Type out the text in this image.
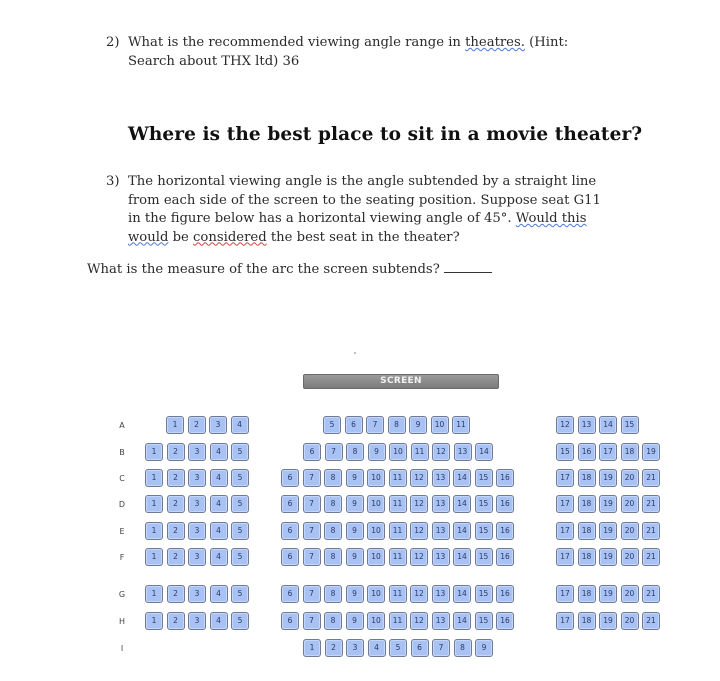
2) What is the recommended viewing angle range in theatres. (Hint:
Search about THX ltd) 36
Where is the best place to sit in a movie theater?
3) The horizontal viewing angle is the angle subtended by a straight line
from each side of the screen to the seating position. Suppose seat G11
in the figure below has a horizontal viewing angle of 45°. Would this
would be considered the best seat in the theater?
What is the measure of the arc the screen subtends?
SCREEN
A	1	2	3	4	5	6	7	8	9	10	11	12	13	14	15
B	1	2	3	4	5	6	7	8	9	10	11	12	13	14	15	16	17	18	19
C	1	2	3	4	5	6	7	8	9	10	11	12	13	14	15	16	17	18	19	20	21
D	1	2	3	4	5	6	7	8	9	10	11	12	13	14	15	16	17	18	19	20	21
E	1	2	3	4	5	6	7	8	9	10	11	12	13	14	15	16	17	18	19	20	21
F	1	2	3	4	5	6	7	8	9	10	11	12	13	14	15	16	17	18	19	20	21
G	1	2	3	4	5	6	7	8	9	10	11	12	13	14	15	16	17	18	19	20	21
H	1	2	3	4	5	6	7	8	9	10	11	12	13	14	15	16	17	18	19	20	21
I	1	2	3	4	5	6	7	8	9
